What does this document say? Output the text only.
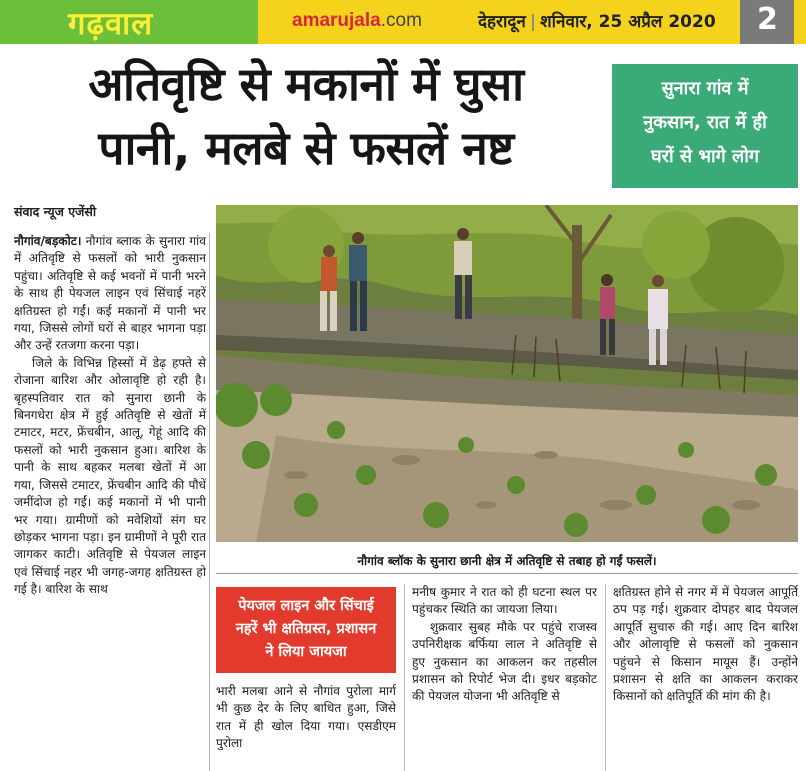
गढ़वाल	amarujala.com	देहरादून | शनिवार, 25 अप्रैल 2020 2
अतिवृष्टि से मकानों में घुसा
पानी, मलबे से फसलें नष्ट
सुनारा गांव में
नुकसान, रात में ही
घरों से भागे लोग
संवाद न्यूज एजेंसी

नौगांव/बड़कोट। नौगांव ब्लाक के सुनारा गांव में अतिवृष्टि से फसलों को भारी नुकसान पहुंचा। अतिवृष्टि से कई भवनों में पानी भरने के साथ ही पेयजल लाइन एवं सिंचाई नहरें क्षतिग्रस्त हो गईं। कई मकानों में पानी भर गया, जिससे लोगों घरों से बाहर भागना पड़ा और उन्हें रतजगा करना पड़ा।

जिले के विभिन्न हिस्सों में डेढ़ हफ्ते से रोजाना बारिश और ओलावृष्टि हो रही है। बृहस्पतिवार रात को सुनारा छानी के बिनगधेरा क्षेत्र में हुई अतिवृष्टि से खेतों में टमाटर, मटर, फ्रेंचबीन, आलू, गेहूं आदि की फसलों को भारी नुकसान हुआ। बारिश के पानी के साथ बहकर मलबा खेतों में आ गया, जिससे टमाटर, फ्रेंचबीन आदि की पौधें जमींदोज हो गईं। कई मकानों में भी पानी भर गया। ग्रामीणों को मवेशियों संग घर छोड़कर भागना पड़ा। इन ग्रामीणों ने पूरी रात जागकर काटी। अतिवृष्टि से पेयजल लाइन एवं सिंचाई नहर भी जगह-जगह क्षतिग्रस्त हो गई है। बारिश के साथ

नौगांव ब्लॉक के सुनारा छानी क्षेत्र में अतिवृष्टि से तबाह हो गईं फसलें।
पेयजल लाइन और सिंचाई
नहरें भी क्षतिग्रस्त, प्रशासन
ने लिया जायजा

भारी मलबा आने से नौगांव पुरोला मार्ग भी कुछ देर के लिए बाधित हुआ, जिसे रात में ही खोल दिया गया। एसडीएम पुरोला

मनीष कुमार ने रात को ही घटना स्थल पर पहुंचकर स्थिति का जायजा लिया।

शुक्रवार सुबह मौके पर पहुंचे राजस्व उपनिरीक्षक बर्फिया लाल ने अतिवृष्टि से हुए नुकसान का आकलन कर तहसील प्रशासन को रिपोर्ट भेज दी। इधर बड़कोट की पेयजल योजना भी अतिवृष्टि से

क्षतिग्रस्त होने से नगर में में पेयजल आपूर्ति ठप पड़ गई। शुक्रवार दोपहर बाद पेयजल आपूर्ति सुचारु की गई। आए दिन बारिश और ओलावृष्टि से फसलों को नुकसान पहुंचने से किसान मायूस हैं। उन्होंने प्रशासन से क्षति का आकलन कराकर किसानों को क्षतिपूर्ति की मांग की है।
